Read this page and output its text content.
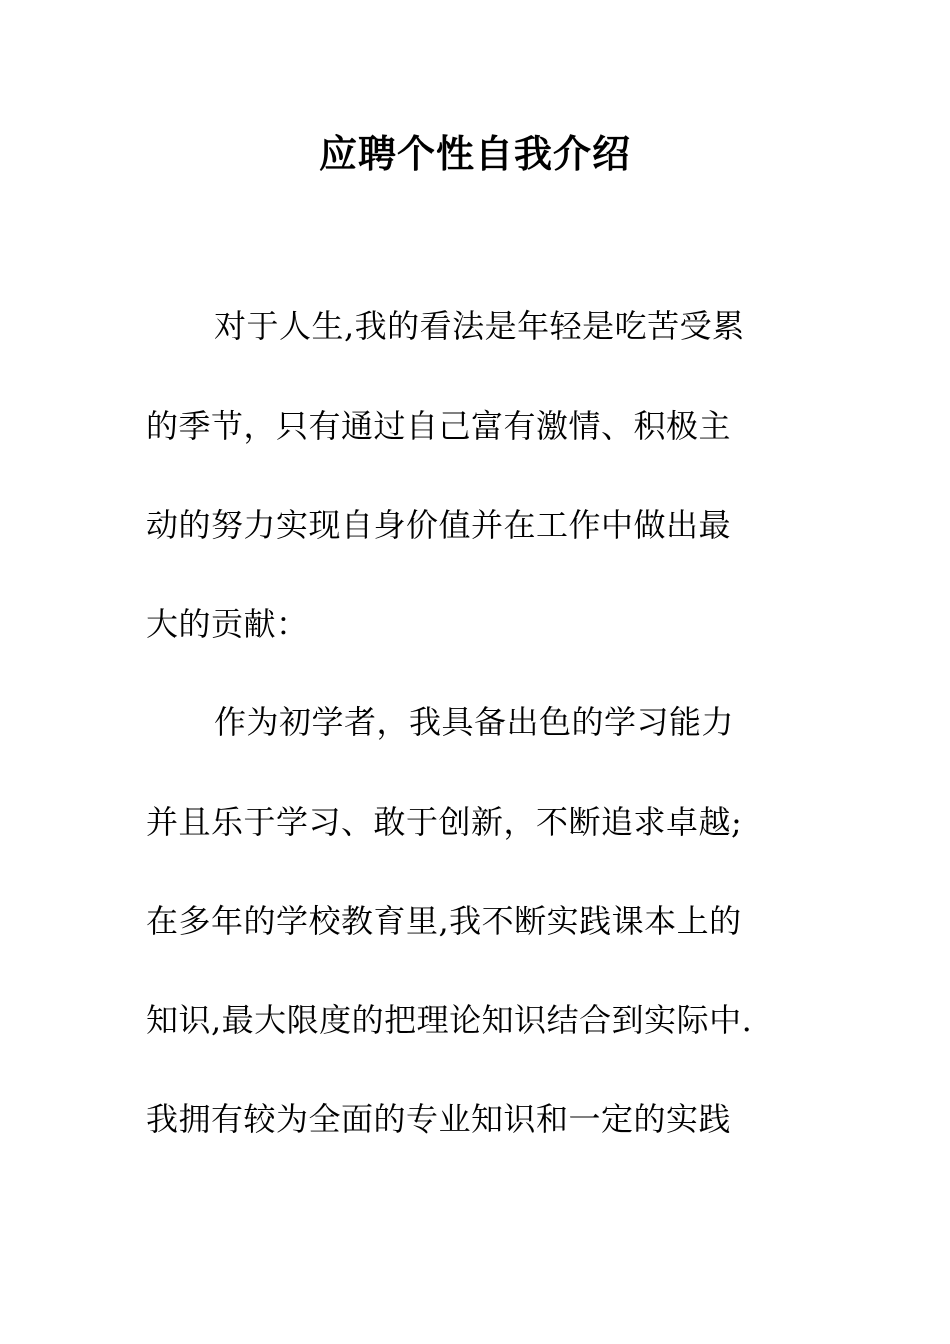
应聘个性自我介绍
对于人生,我的看法是年轻是吃苦受累
的季节，只有通过自己富有激情、积极主
动的努力实现自身价值并在工作中做出最
大的贡献：
作为初学者，我具备出色的学习能力
并且乐于学习、敢于创新，不断追求卓越;
在多年的学校教育里,我不断实践课本上的
知识,最大限度的把理论知识结合到实际中.
我拥有较为全面的专业知识和一定的实践
